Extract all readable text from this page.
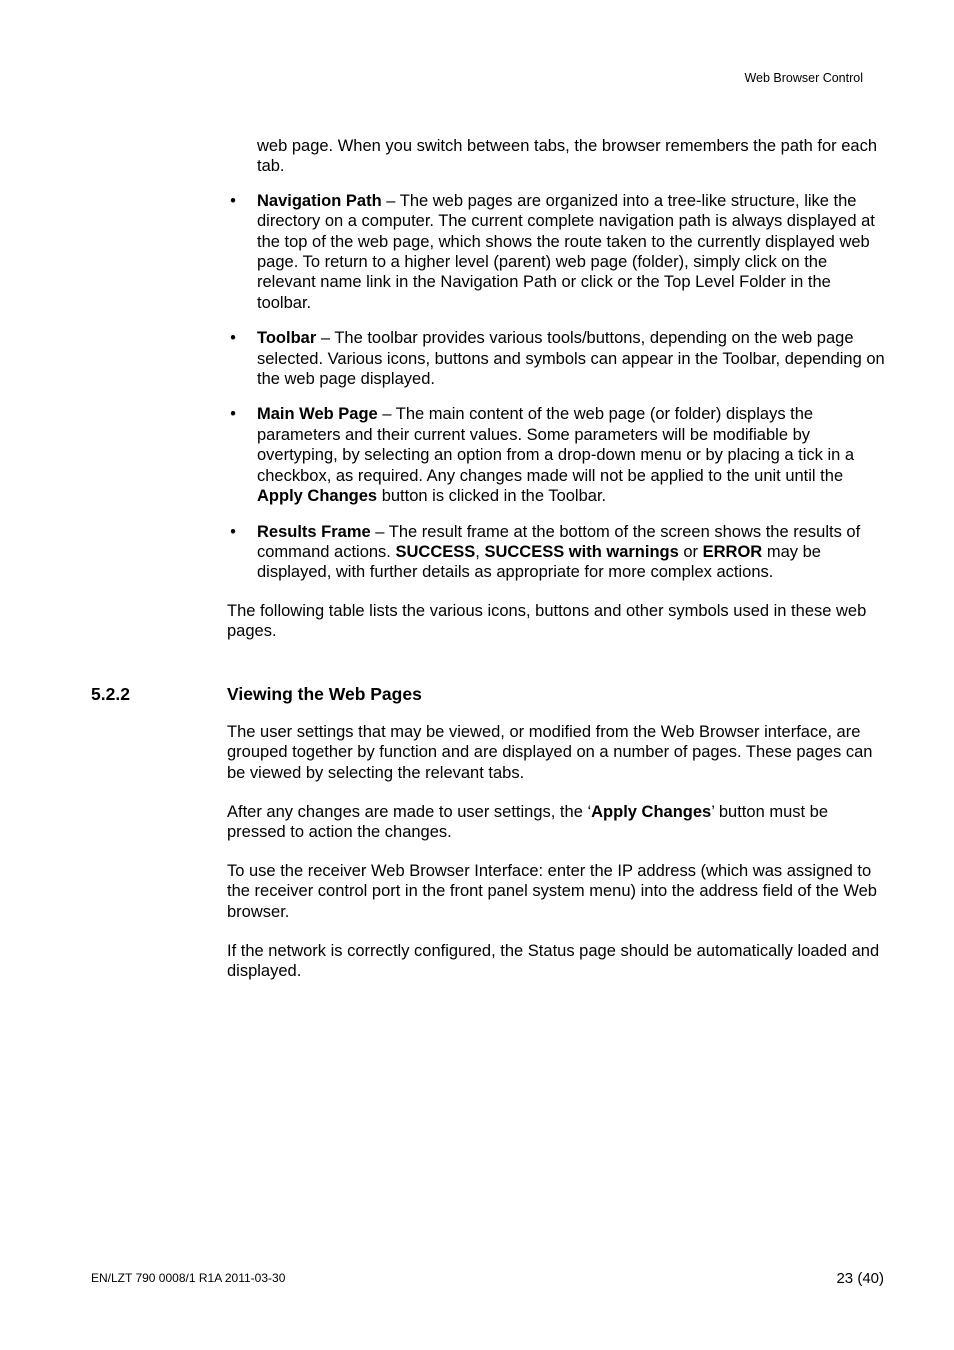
Web Browser Control

web page. When you switch between tabs, the browser remembers the path for each tab.

• Navigation Path – The web pages are organized into a tree-like structure, like the directory on a computer. The current complete navigation path is always displayed at the top of the web page, which shows the route taken to the currently displayed web page. To return to a higher level (parent) web page (folder), simply click on the relevant name link in the Navigation Path or click or the Top Level Folder in the toolbar.
• Toolbar – The toolbar provides various tools/buttons, depending on the web page selected. Various icons, buttons and symbols can appear in the Toolbar, depending on the web page displayed.
• Main Web Page – The main content of the web page (or folder) displays the parameters and their current values. Some parameters will be modifiable by overtyping, by selecting an option from a drop-down menu or by placing a tick in a checkbox, as required. Any changes made will not be applied to the unit until the Apply Changes button is clicked in the Toolbar.
• Results Frame – The result frame at the bottom of the screen shows the results of command actions. SUCCESS, SUCCESS with warnings or ERROR may be displayed, with further details as appropriate for more complex actions.

The following table lists the various icons, buttons and other symbols used in these web pages.

5.2.2	Viewing the Web Pages

The user settings that may be viewed, or modified from the Web Browser interface, are grouped together by function and are displayed on a number of pages. These pages can be viewed by selecting the relevant tabs.

After any changes are made to user settings, the ‘Apply Changes’ button must be pressed to action the changes.

To use the receiver Web Browser Interface: enter the IP address (which was assigned to the receiver control port in the front panel system menu) into the address field of the Web browser.

If the network is correctly configured, the Status page should be automatically loaded and displayed.

EN/LZT 790 0008/1 R1A 2011-03-30	23 (40)
